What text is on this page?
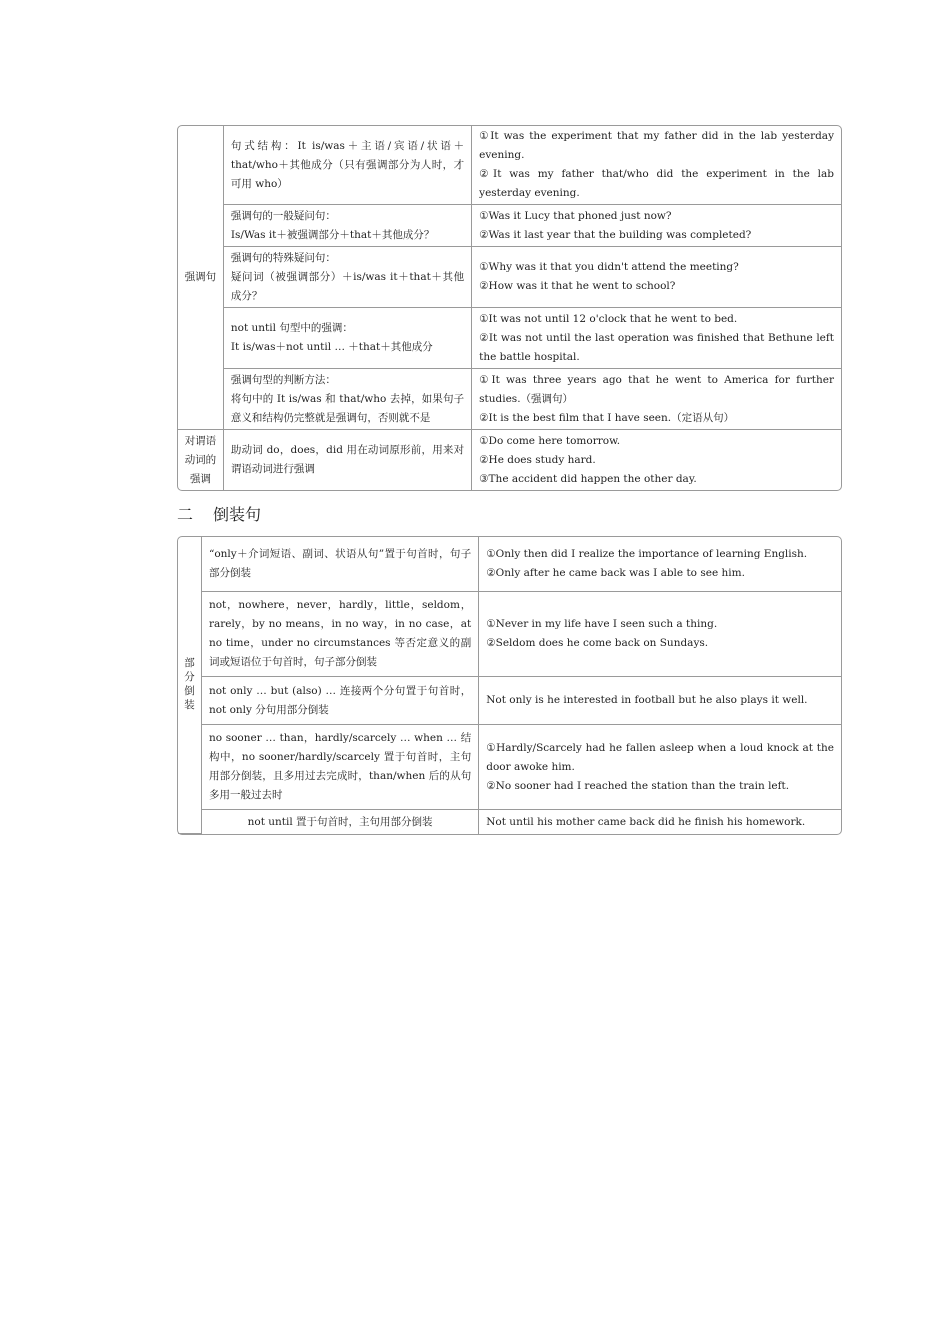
强调句	句式结构：It is/was＋主语/宾语/状语＋that/who＋其他成分（只有强调部分为人时，才可用 who）	①It was the experiment that my father did in the lab yesterday evening.
②It was my father that/who did the experiment in the lab yesterday evening.

	强调句的一般疑问句：
Is/Was it＋被强调部分＋that＋其他成分？	①Was it Lucy that phoned just now?
②Was it last year that the building was completed?

	强调句的特殊疑问句：
疑问词（被强调部分）＋is/was it＋that＋其他成分？	①Why was it that you didn't attend the meeting?
②How was it that he went to school?

	not until 句型中的强调：
It is/was＋not until … ＋that＋其他成分	①It was not until 12 o'clock that he went to bed.
②It was not until the last operation was finished that Bethune left the battle hospital.

	强调句型的判断方法：
将句中的 It is/was 和 that/who 去掉，如果句子意义和结构仍完整就是强调句，否则就不是	①It was three years ago that he went to America for further studies.（强调句）
②It is the best film that I have seen.（定语从句）

对谓语
动词的
强调	助动词 do，does，did 用在动词原形前，用来对谓语动词进行强调	①Do come here tomorrow.
②He does study hard.
③The accident did happen the other day.
二 倒装句
部分倒装	“only＋介词短语、副词、状语从句”置于句首时，句子部分倒装	①Only then did I realize the importance of learning English.
②Only after he came back was I able to see him.

	not，nowhere，never，hardly，little，seldom，rarely，by no means，in no way，in no case，at no time，under no circumstances 等否定意义的副词或短语位于句首时，句子部分倒装	①Never in my life have I seen such a thing.
②Seldom does he come back on Sundays.

	not only … but (also) … 连接两个分句置于句首时，not only 分句用部分倒装	Not only is he interested in football but he also plays it well.

	no sooner … than，hardly/scarcely … when … 结构中，no sooner/hardly/scarcely 置于句首时，主句用部分倒装，且多用过去完成时，than/when 后的从句多用一般过去时	①Hardly/Scarcely had he fallen asleep when a loud knock at the door awoke him.
②No sooner had I reached the station than the train left.

	not until 置于句首时，主句用部分倒装	Not until his mother came back did he finish his homework.
